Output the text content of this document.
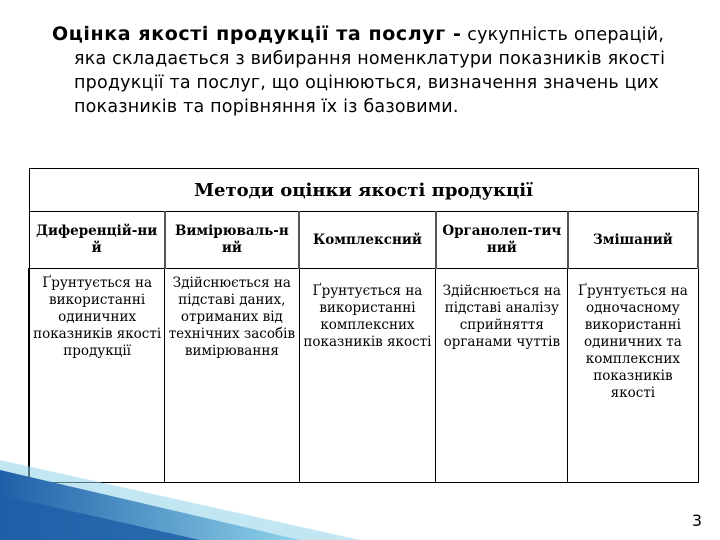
Оцінка якості продукції та послуг - сукупність операцій, яка складається з вибирання номенклатури показників якості продукції та послуг, що оцінюються, визначення значень цих показників та порівняння їх із базовими.

Методи оцінки якості продукції				
Диференцій-ни й	Вимірюваль-н ий	Комплексний	Органолеп-тич ний	Змішаний

Ґрунтується на використанні одиничних показників якості продукції	Здійснюється на підставі даних, отриманих від технічних засобів вимірювання	Ґрунтується на використанні комплексних показників якості	Здійснюється на підставі аналізу сприйняття органами чуттів	Ґрунтується на одночасному використанні одиничних та комплексних показників якості
3
